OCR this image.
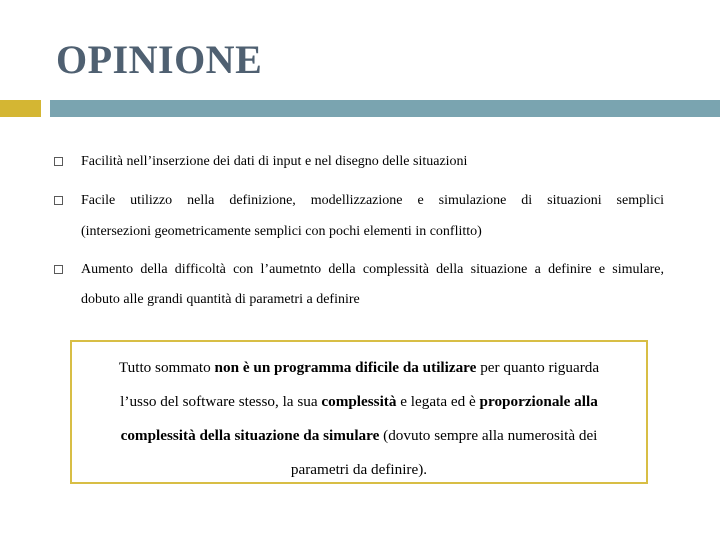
OPINIONE
Facilità nell’inserzione dei dati di input e nel disegno delle situazioni
Facile utilizzo nella definizione, modellizzazione e simulazione di situazioni semplici
(intersezioni geometricamente semplici con pochi elementi in conflitto)
Aumento della difficoltà con l’aumetnto della complessità della situazione a definire e simulare,
dobuto alle grandi quantità di parametri a definire
Tutto sommato non è un programma dificile da utilizare per quanto riguarda
l’usso del software stesso, la sua complessità e legata ed è proporzionale alla
complessità della situazione da simulare (dovuto sempre alla numerosità dei
parametri da definire).
